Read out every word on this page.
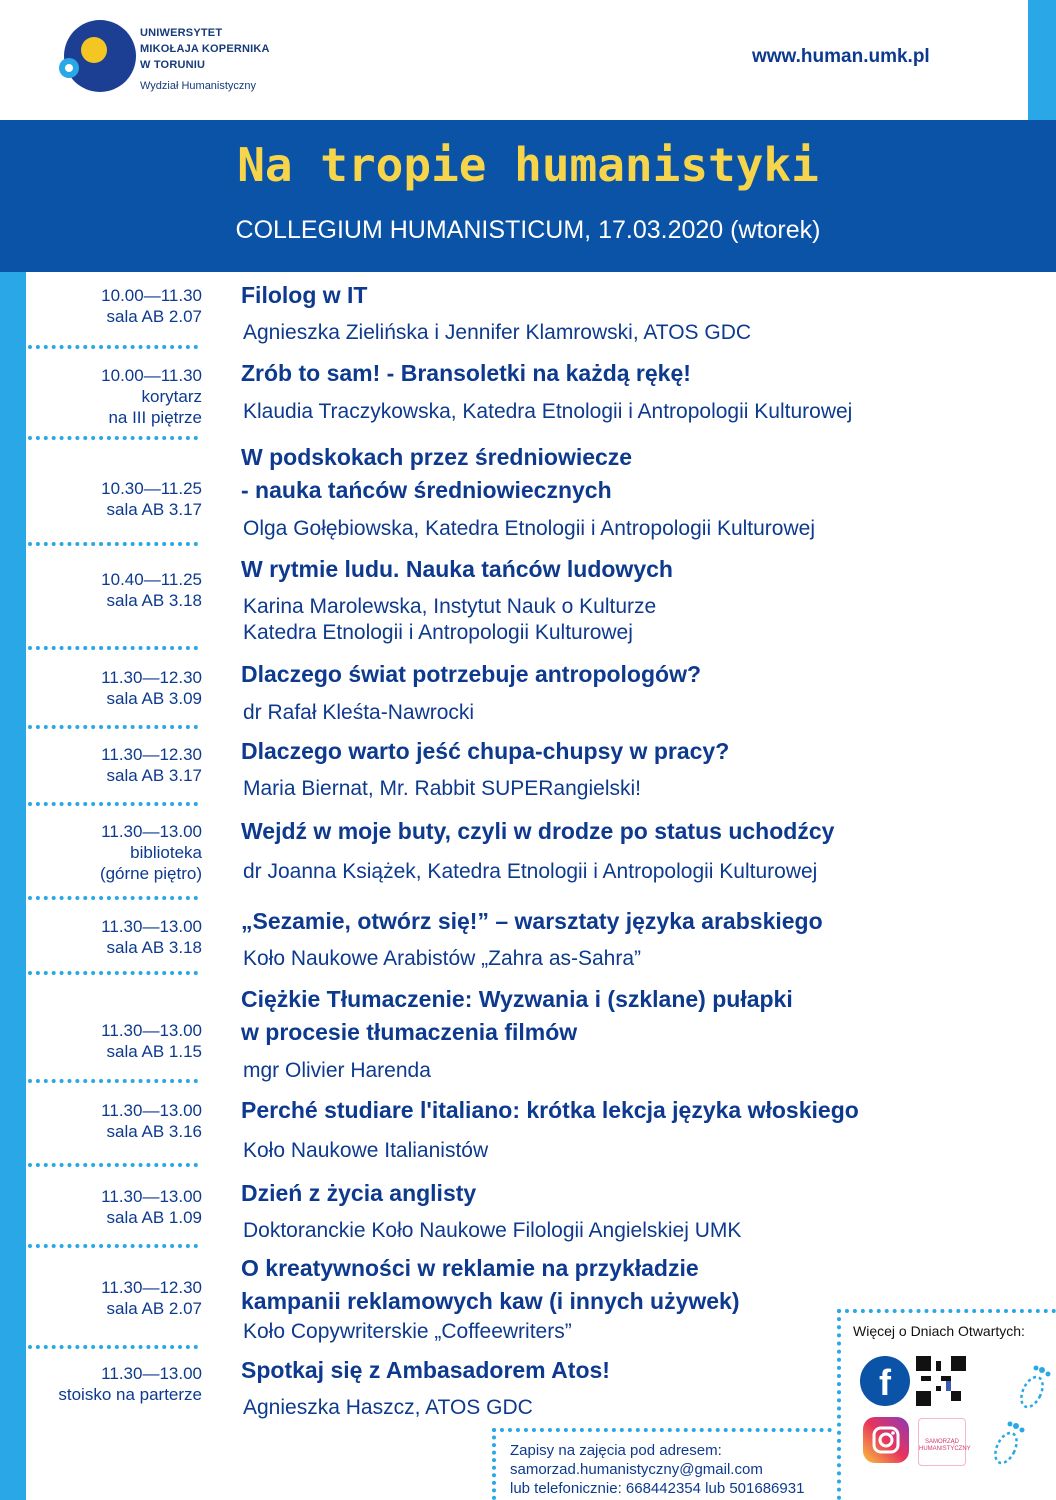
UNIWERSYTET
MIKOŁAJA KOPERNIKA
W TORUNIU
Wydział Humanistyczny
www.human.umk.pl
Na tropie humanistyki
COLLEGIUM HUMANISTICUM, 17.03.2020 (wtorek)
10.00—11.30
sala AB 2.07
Filolog w IT
Agnieszka Zielińska i Jennifer Klamrowski, ATOS GDC
10.00—11.30
korytarz
na III piętrze
Zrób to sam! - Bransoletki na każdą rękę!
Klaudia Traczykowska, Katedra Etnologii i Antropologii Kulturowej
10.30—11.25
sala AB 3.17
W podskokach przez średniowiecze
- nauka tańców średniowiecznych
Olga Gołębiowska, Katedra Etnologii i Antropologii Kulturowej
10.40—11.25
sala AB 3.18
W rytmie ludu. Nauka tańców ludowych
Karina Marolewska, Instytut Nauk o Kulturze
Katedra Etnologii i Antropologii Kulturowej
11.30—12.30
sala AB 3.09
Dlaczego świat potrzebuje antropologów?
dr Rafał Kleśta-Nawrocki
11.30—12.30
sala AB 3.17
Dlaczego warto jeść chupa-chupsy w pracy?
Maria Biernat, Mr. Rabbit SUPERangielski!
11.30—13.00
biblioteka
(górne piętro)
Wejdź w moje buty, czyli w drodze po status uchodźcy
dr Joanna Książek, Katedra Etnologii i Antropologii Kulturowej
11.30—13.00
sala AB 3.18
„Sezamie, otwórz się!” – warsztaty języka arabskiego
Koło Naukowe Arabistów „Zahra as-Sahra”
11.30—13.00
sala AB 1.15
Ciężkie Tłumaczenie: Wyzwania i (szklane) pułapki
w procesie tłumaczenia filmów
mgr Olivier Harenda
11.30—13.00
sala AB 3.16
Perché studiare l'italiano: krótka lekcja języka włoskiego
Koło Naukowe Italianistów
11.30—13.00
sala AB 1.09
Dzień z życia anglisty
Doktoranckie Koło Naukowe Filologii Angielskiej UMK
11.30—12.30
sala AB 2.07
O kreatywności w reklamie na przykładzie
kampanii reklamowych kaw (i innych używek)
Koło Copywriterskie „Coffeewriters”
11.30—13.00
stoisko na parterze
Spotkaj się z Ambasadorem Atos!
Agnieszka Haszcz, ATOS GDC
Więcej o Dniach Otwartych:
f
SAMORZĄD
HUMANISTYCZNY
Zapisy na zajęcia pod adresem:
samorzad.humanistyczny@gmail.com
lub telefonicznie: 668442354 lub 501686931
